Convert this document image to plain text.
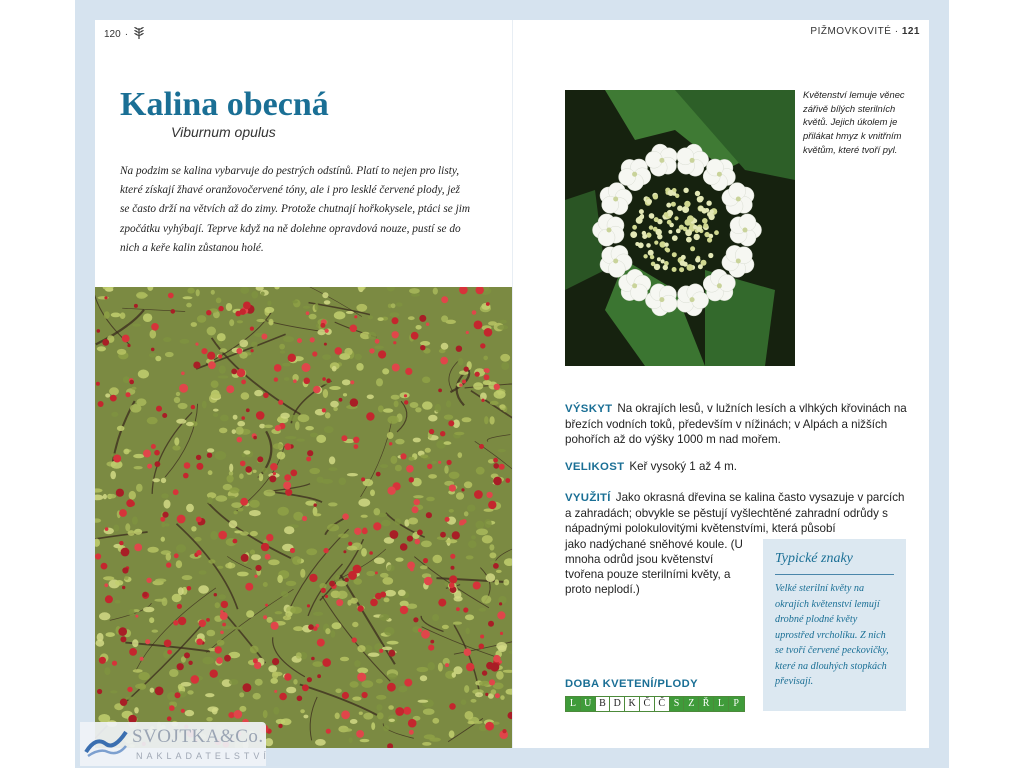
120 ·	PIŽMOVKOVITÉ · 121
Kalina obecná
Viburnum opulus

Na podzim se kalina vybarvuje do pestrých odstínů. Platí to nejen pro listy, které získají žhavé oranžovočervené tóny, ale i pro lesklé červené plody, jež se často drží na větvích až do zimy. Protože chutnají hořkokysele, ptáci se jim zpočátku vyhýbají. Teprve když na ně dolehne opravdová nouze, pustí se do nich a keře kalin zůstanou holé.

Květenství lemuje věnec zářivě bílých sterilních květů. Jejich úkolem je přilákat hmyz k vnitřním květům, které tvoří pyl.

VÝSKYT Na okrajích lesů, v lužních lesích a vlhkých křovinách na březích vodních toků, především v nížinách; v Alpách a nižších pohořích až do výšky 1000 m nad mořem.

VELIKOST Keř vysoký 1 až 4 m.

VYUŽITÍ Jako okrasná dřevina se kalina často vysazuje v parcích a zahradách; obvykle se pěstují vyšlechtěné zahradní odrůdy s nápadnými polokulovitými květenstvími, která působí

jako nadýchané sněhové koule. (U mnoha odrůd jsou květenství tvořena pouze sterilními květy, a proto neplodí.)

Typické znaky
Velké sterilní květy na okrajích květenství lemují drobné plodné květy uprostřed vrcholíku. Z nich se tvoří červené peckovičky, které na dlouhých stopkách převisají.
DOBA KVETENÍ/PLODY
L U B D K Č Č S Z Ř L P
SVOJTKA&Co.
NAKLADATELSTVÍ
